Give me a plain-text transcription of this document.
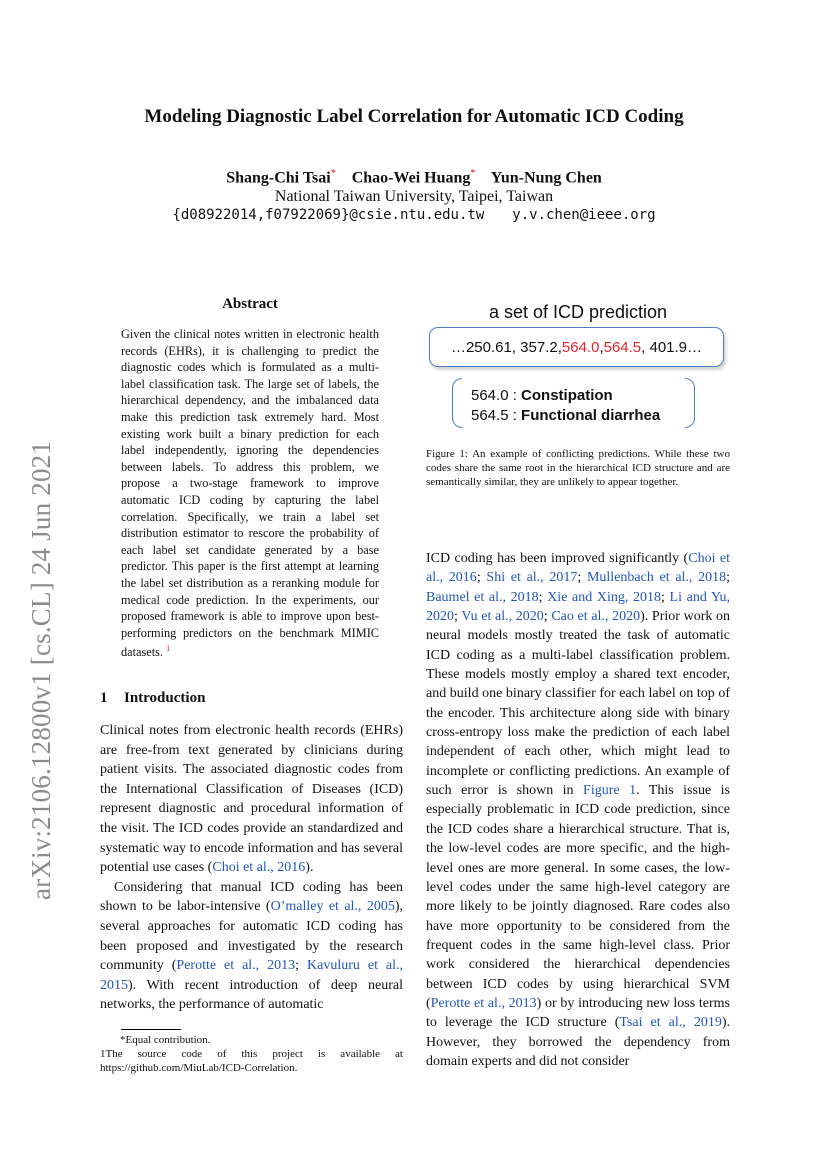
arXiv:2106.12800v1 [cs.CL] 24 Jun 2021
Modeling Diagnostic Label Correlation for Automatic ICD Coding
Shang-Chi Tsai* Chao-Wei Huang* Yun-Nung Chen
National Taiwan University, Taipei, Taiwan
{d08922014,f07922069}@csie.ntu.edu.tw y.v.chen@ieee.org
Abstract
Given the clinical notes written in electronic health records (EHRs), it is challenging to predict the diagnostic codes which is formulated as a multi-label classification task. The large set of labels, the hierarchical dependency, and the imbalanced data make this prediction task extremely hard. Most existing work built a binary prediction for each label independently, ignoring the dependencies between labels. To address this problem, we propose a two-stage framework to improve automatic ICD coding by capturing the label correlation. Specifically, we train a label set distribution estimator to rescore the probability of each label set candidate generated by a base predictor. This paper is the first attempt at learning the label set distribution as a reranking module for medical code prediction. In the experiments, our proposed framework is able to improve upon best-performing predictors on the benchmark MIMIC datasets. $^1$
1 Introduction

Clinical notes from electronic health records (EHRs) are free-from text generated by clinicians during patient visits. The associated diagnostic codes from the International Classification of Diseases (ICD) represent diagnostic and procedural information of the visit. The ICD codes provide an standardized and systematic way to encode information and has several potential use cases (Choi et al., 2016).

Considering that manual ICD coding has been shown to be labor-intensive (O’malley et al., 2005), several approaches for automatic ICD coding has been proposed and investigated by the research community (Perotte et al., 2013; Kavuluru et al., 2015). With recent introduction of deep neural networks, the performance of automatic

*Equal contribution.

1The source code of this project is available at https://github.com/MiuLab/ICD-Correlation.

a set of ICD prediction
…250.61, 357.2, 564.0 , 564.5 , 401.9…
564.0 : Constipation
564.5 : Functional diarrhea
Figure 1: An example of conflicting predictions. While these two codes share the same root in the hierarchical ICD structure and are semantically similar, they are unlikely to appear together.

ICD coding has been improved significantly (Choi et al., 2016; Shi et al., 2017; Mullenbach et al., 2018; Baumel et al., 2018; Xie and Xing, 2018; Li and Yu, 2020; Vu et al., 2020; Cao et al., 2020). Prior work on neural models mostly treated the task of automatic ICD coding as a multi-label classification problem. These models mostly employ a shared text encoder, and build one binary classifier for each label on top of the encoder. This architecture along side with binary cross-entropy loss make the prediction of each label independent of each other, which might lead to incomplete or conflicting predictions. An example of such error is shown in Figure 1. This issue is especially problematic in ICD code prediction, since the ICD codes share a hierarchical structure. That is, the low-level codes are more specific, and the high-level ones are more general. In some cases, the low-level codes under the same high-level category are more likely to be jointly diagnosed. Rare codes also have more opportunity to be considered from the frequent codes in the same high-level class. Prior work considered the hierarchical dependencies between ICD codes by using hierarchical SVM (Perotte et al., 2013) or by introducing new loss terms to leverage the ICD structure (Tsai et al., 2019). However, they borrowed the dependency from domain experts and did not consider
